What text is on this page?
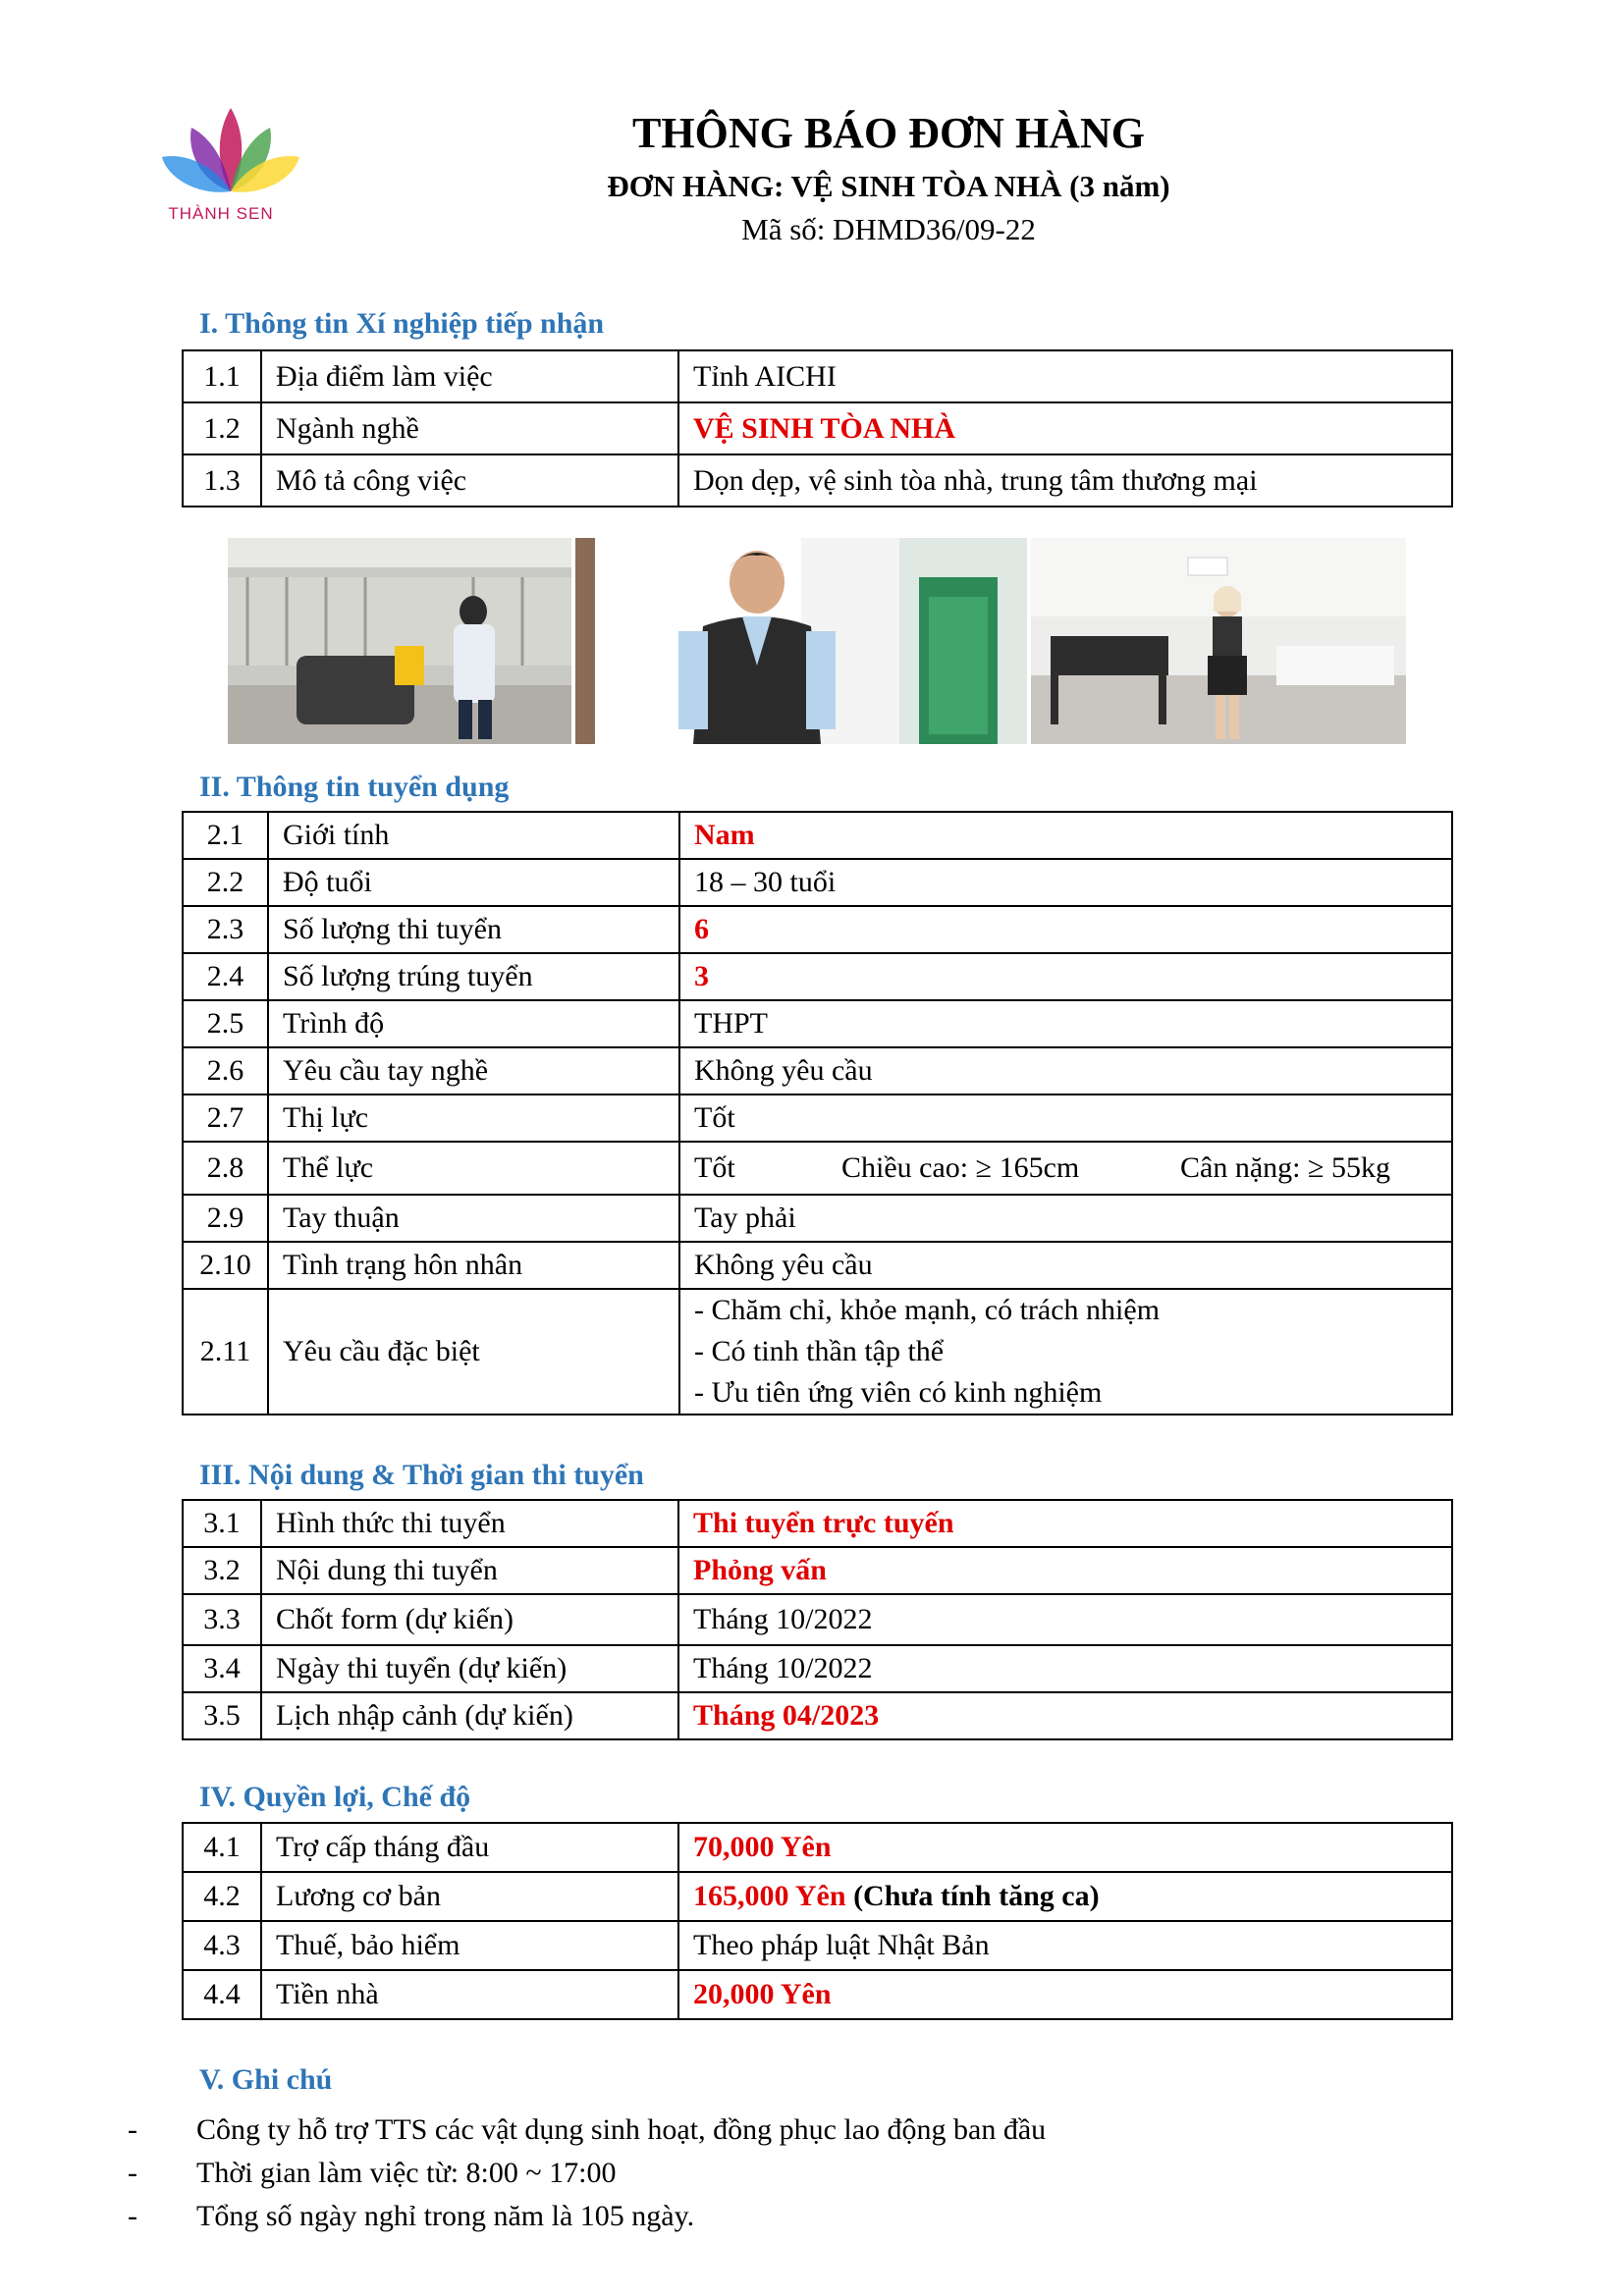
THÀNH SEN
THÔNG BÁO ĐƠN HÀNG
ĐƠN HÀNG: VỆ SINH TÒA NHÀ (3 năm)
Mã số: DHMD36/09-22
I. Thông tin Xí nghiệp tiếp nhận
1.1	Địa điểm làm việc	Tỉnh AICHI
1.2	Ngành nghề	VỆ SINH TÒA NHÀ
1.3	Mô tả công việc	Dọn dẹp, vệ sinh tòa nhà, trung tâm thương mại
II. Thông tin tuyển dụng
2.1	Giới tính	Nam
2.2	Độ tuổi	18 – 30 tuổi
2.3	Số lượng thi tuyển	6
2.4	Số lượng trúng tuyển	3
2.5	Trình độ	THPT
2.6	Yêu cầu tay nghề	Không yêu cầu
2.7	Thị lực	Tốt
2.8	Thể lực	Tốt Chiều cao: ≥ 165cm Cân nặng: ≥ 55kg
2.9	Tay thuận	Tay phải
2.10	Tình trạng hôn nhân	Không yêu cầu
2.11	Yêu cầu đặc biệt	- Chăm chỉ, khỏe mạnh, có trách nhiệm
- Có tinh thần tập thể
- Ưu tiên ứng viên có kinh nghiệm
III. Nội dung & Thời gian thi tuyển
3.1	Hình thức thi tuyển	Thi tuyển trực tuyến
3.2	Nội dung thi tuyển	Phỏng vấn
3.3	Chốt form (dự kiến)	Tháng 10/2022
3.4	Ngày thi tuyển (dự kiến)	Tháng 10/2022
3.5	Lịch nhập cảnh (dự kiến)	Tháng 04/2023
IV. Quyền lợi, Chế độ
4.1	Trợ cấp tháng đầu	70,000 Yên
4.2	Lương cơ bản	165,000 Yên (Chưa tính tăng ca)
4.3	Thuế, bảo hiểm	Theo pháp luật Nhật Bản
4.4	Tiền nhà	20,000 Yên
V. Ghi chú
-	Công ty hỗ trợ TTS các vật dụng sinh hoạt, đồng phục lao động ban đầu
-	Thời gian làm việc từ: 8:00 ~ 17:00
-	Tổng số ngày nghỉ trong năm là 105 ngày.
